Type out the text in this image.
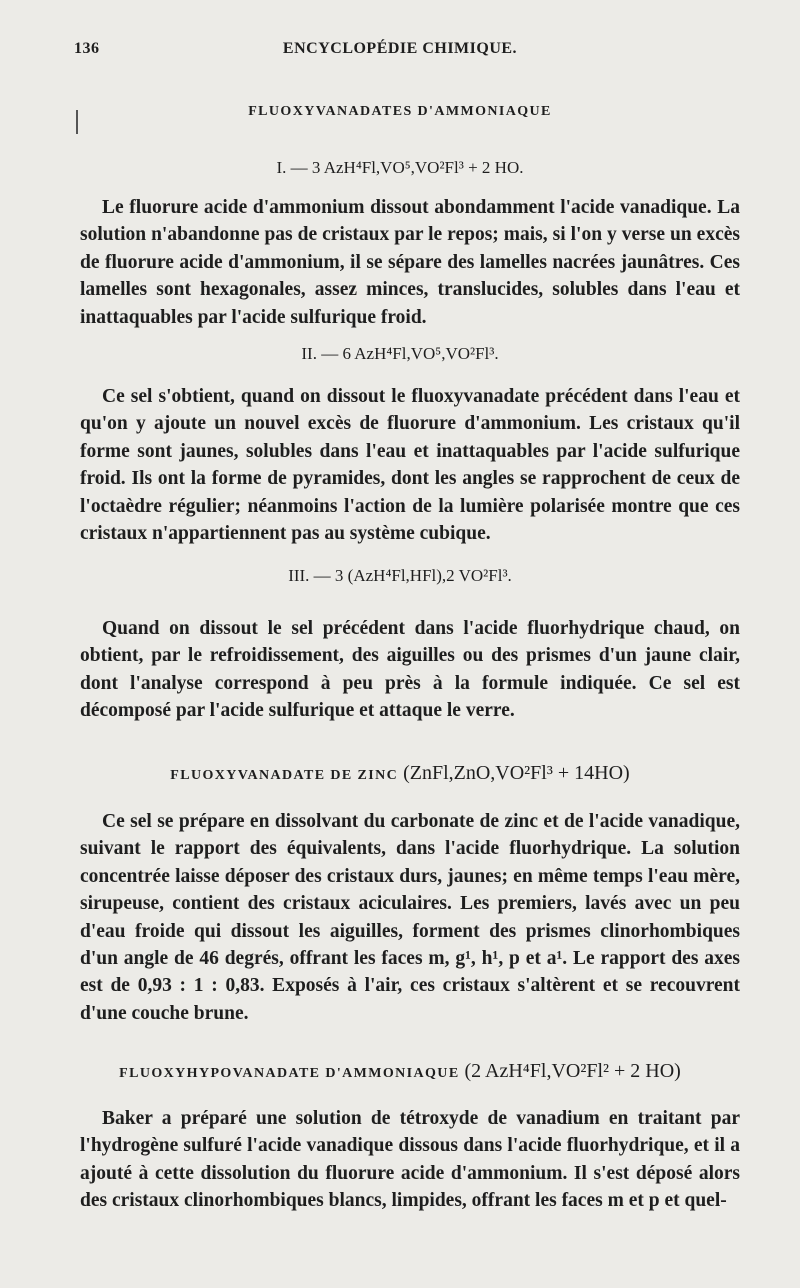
136	ENCYCLOPÉDIE CHIMIQUE.
FLUOXYVANADATES D'AMMONIAQUE
I. — 3 AzH⁴Fl,VO⁵,VO²Fl³ + 2 HO.
Le fluorure acide d'ammonium dissout abondamment l'acide vanadique. La solution n'abandonne pas de cristaux par le repos; mais, si l'on y verse un excès de fluorure acide d'ammonium, il se sépare des lamelles nacrées jaunâtres. Ces lamelles sont hexagonales, assez minces, translucides, solubles dans l'eau et inattaquables par l'acide sulfurique froid.
II. — 6 AzH⁴Fl,VO⁵,VO²Fl³.
Ce sel s'obtient, quand on dissout le fluoxyvanadate précédent dans l'eau et qu'on y ajoute un nouvel excès de fluorure d'ammonium. Les cristaux qu'il forme sont jaunes, solubles dans l'eau et inattaquables par l'acide sulfurique froid. Ils ont la forme de pyramides, dont les angles se rapprochent de ceux de l'octaèdre régulier; néanmoins l'action de la lumière polarisée montre que ces cristaux n'appartiennent pas au système cubique.
III. — 3 (AzH⁴Fl,HFl),2 VO²Fl³.
Quand on dissout le sel précédent dans l'acide fluorhydrique chaud, on obtient, par le refroidissement, des aiguilles ou des prismes d'un jaune clair, dont l'analyse correspond à peu près à la formule indiquée. Ce sel est décomposé par l'acide sulfurique et attaque le verre.
FLUOXYVANADATE DE ZINC (ZnFl,ZnO,VO²Fl³ + 14HO)
Ce sel se prépare en dissolvant du carbonate de zinc et de l'acide vanadique, suivant le rapport des équivalents, dans l'acide fluorhydrique. La solution concentrée laisse déposer des cristaux durs, jaunes; en même temps l'eau mère, sirupeuse, contient des cristaux aciculaires. Les premiers, lavés avec un peu d'eau froide qui dissout les aiguilles, forment des prismes clinorhombiques d'un angle de 46 degrés, offrant les faces m, g¹, h¹, p et a¹. Le rapport des axes est de 0,93 : 1 : 0,83. Exposés à l'air, ces cristaux s'altèrent et se recouvrent d'une couche brune.
FLUOXYHYPOVANADATE D'AMMONIAQUE (2 AzH⁴Fl,VO²Fl² + 2 HO)
Baker a préparé une solution de tétroxyde de vanadium en traitant par l'hydrogène sulfuré l'acide vanadique dissous dans l'acide fluorhydrique, et il a ajouté à cette dissolution du fluorure acide d'ammonium. Il s'est déposé alors des cristaux clinorhombiques blancs, limpides, offrant les faces m et p et quel-
